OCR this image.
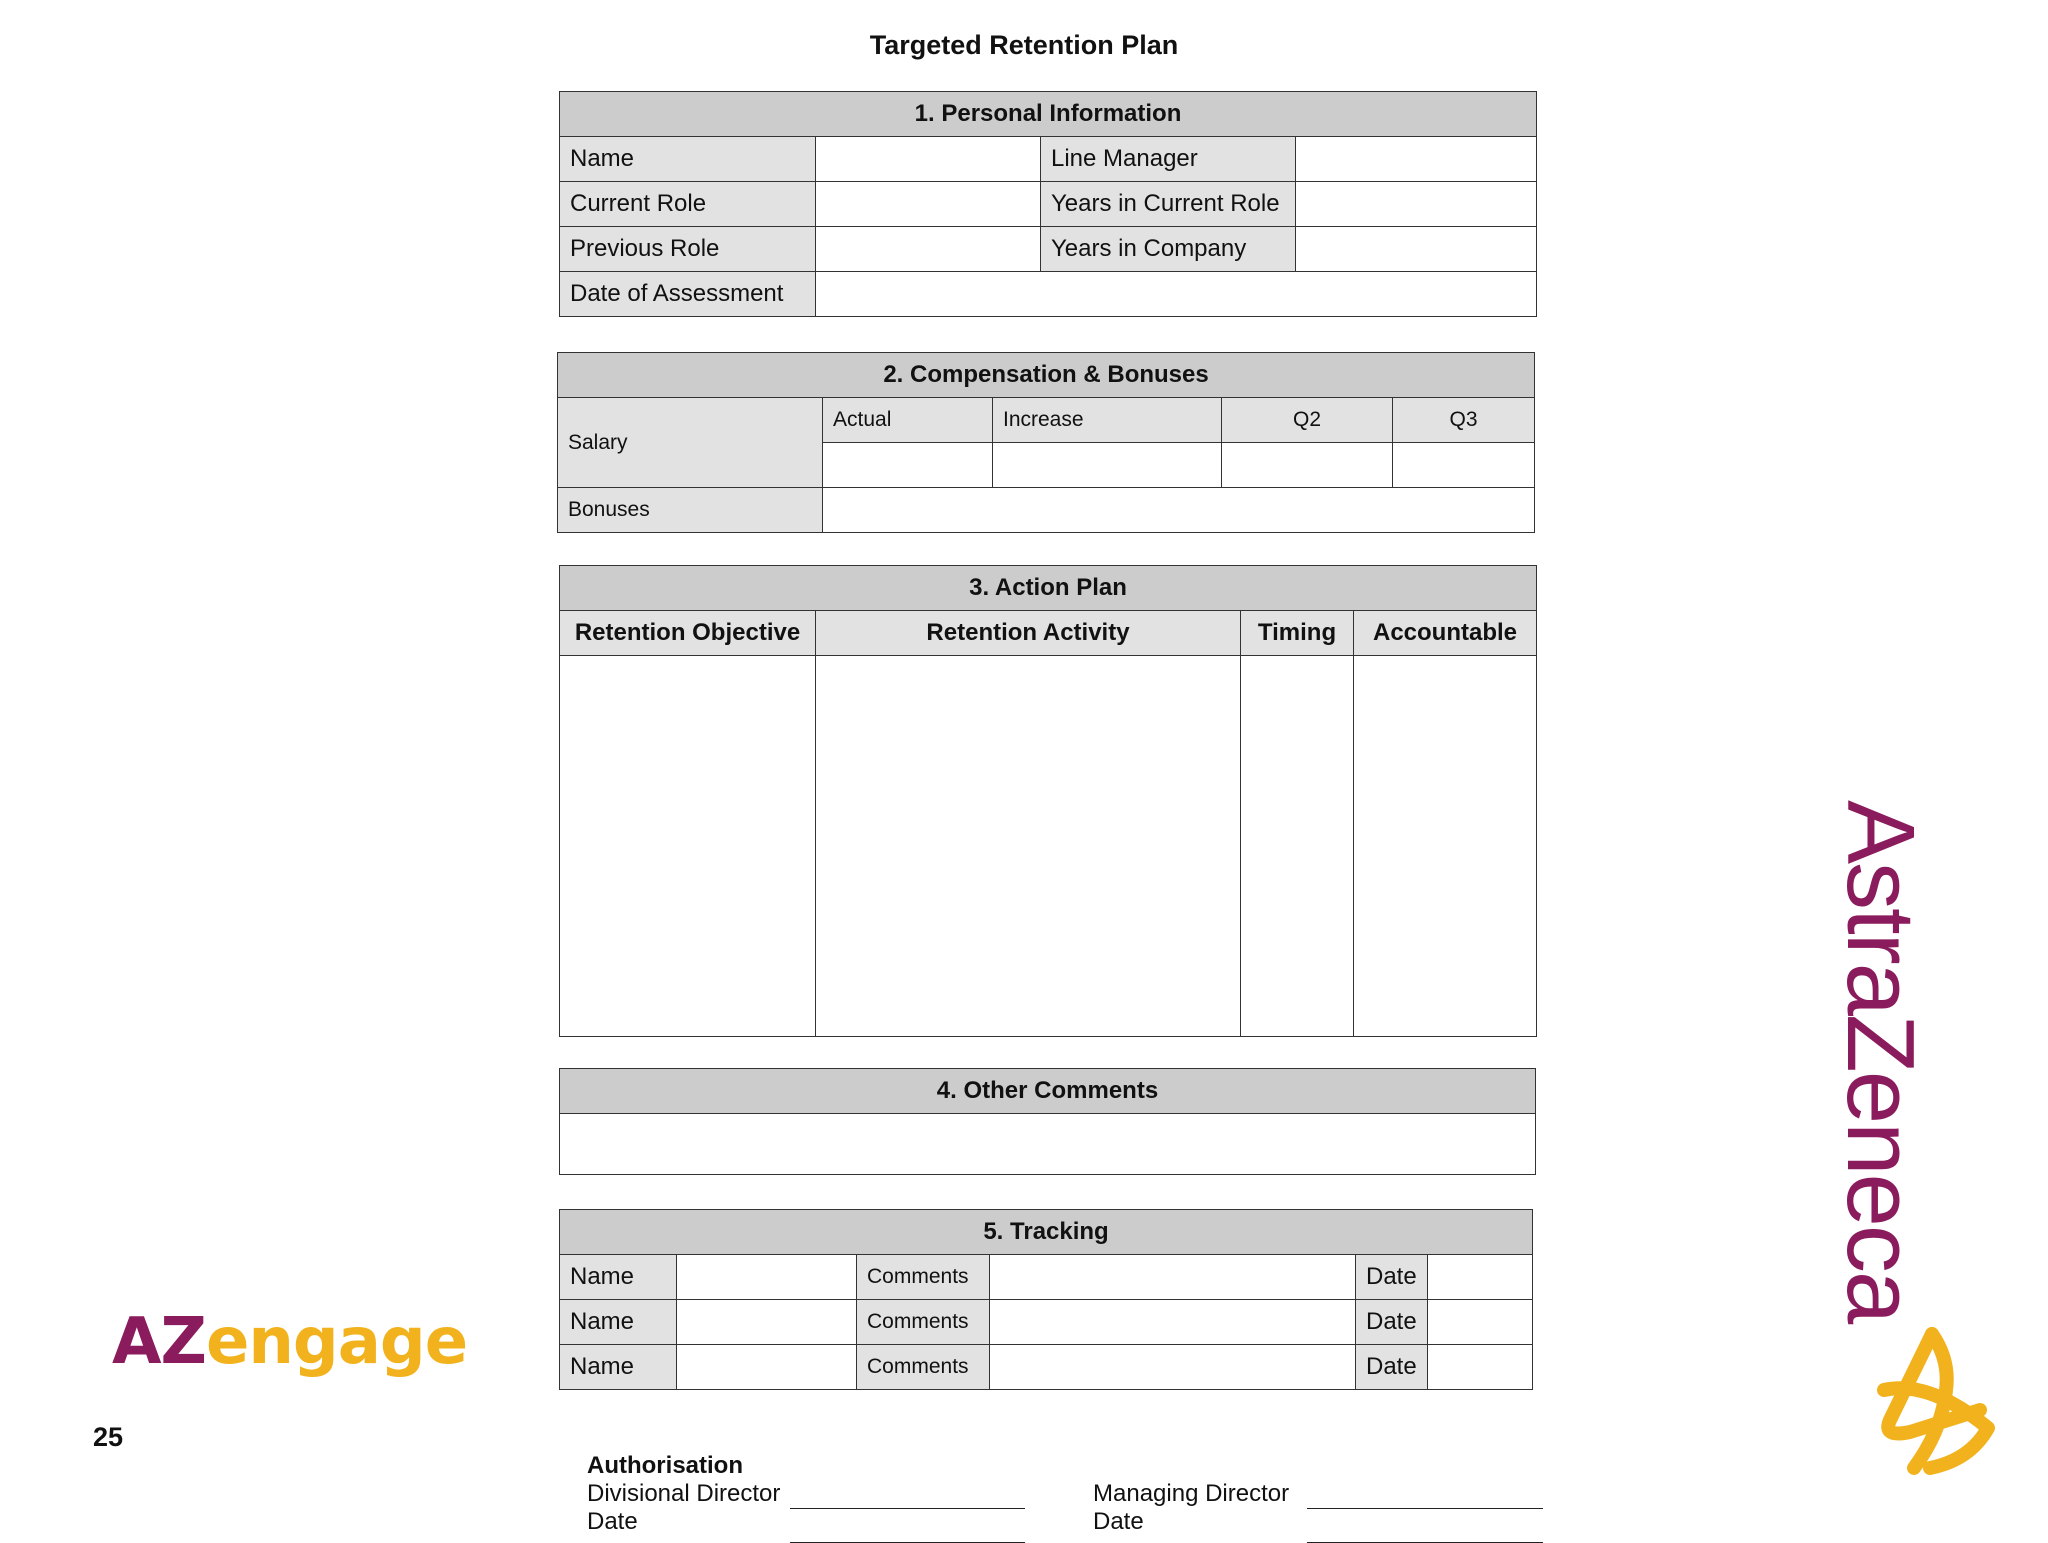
Targeted Retention Plan
1. Personal Information			
Name		Line Manager	
Current Role		Years in Current Role	
Previous Role		Years in Company	
Date of Assessment			
2. Compensation & Bonuses				
Salary	Actual	Increase	Q2	Q3

Bonuses				
3. Action Plan			
Retention Objective	Retention Activity	Timing	Accountable

4. Other Comments

5. Tracking					
Name		Comments		Date	
Name		Comments		Date	
Name		Comments		Date	
25
Authorisation
Divisional Director
Date
Managing Director
Date
AZengage
AstraZeneca
